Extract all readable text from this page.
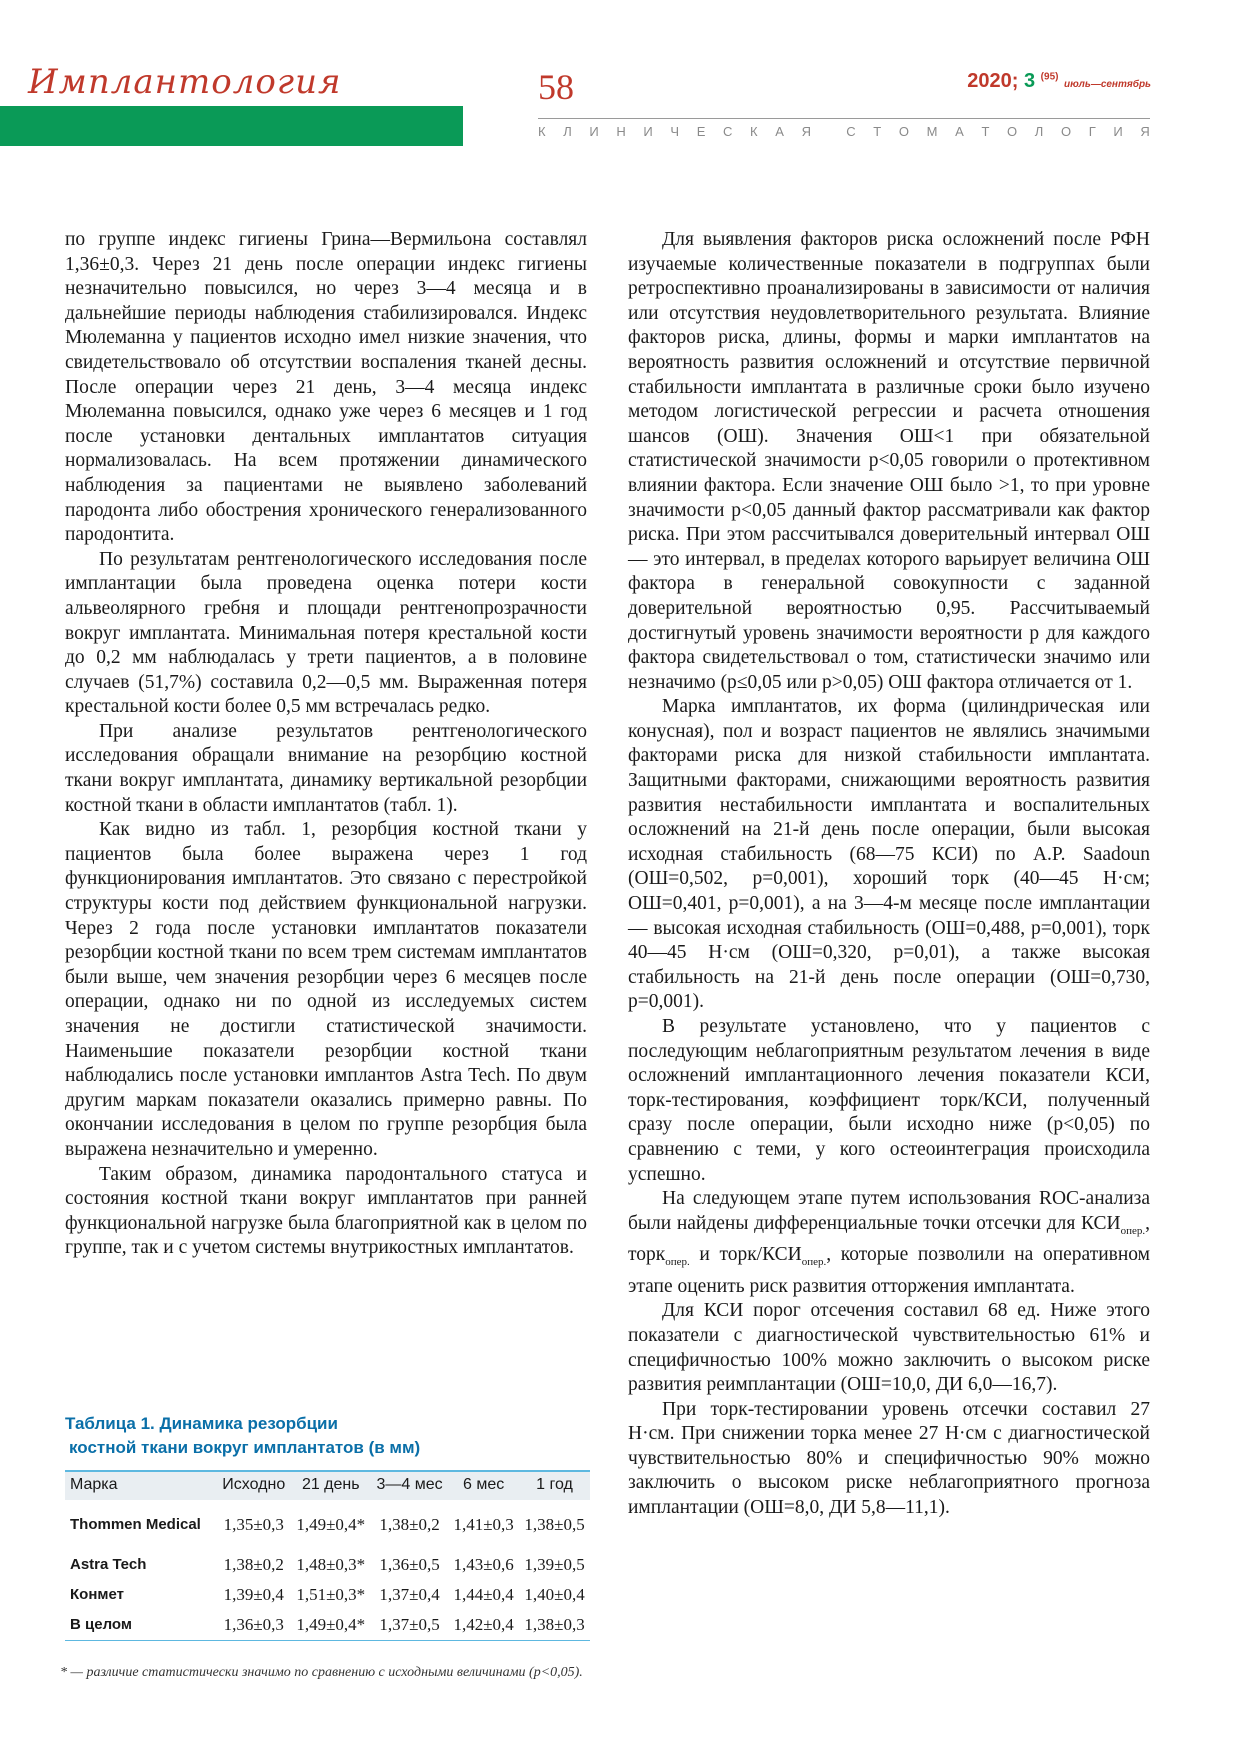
Имплантология	58	2020; 3 $^{(95)}$ июль—сентябрь
К Л И Н И Ч Е С К А Я	С Т О М А Т О Л О Г И Я

по группе индекс гигиены Грина—Вермильона составлял 1,36±0,3. Через 21 день после операции индекс гигиены незначительно повысился, но через 3—4 месяца и в дальнейшие периоды наблюдения стабилизировался. Индекс Мюлеманна у пациентов исходно имел низкие значения, что свидетельствовало об отсутствии воспаления тканей десны. После операции через 21 день, 3—4 месяца индекс Мюлеманна повысился, однако уже через 6 месяцев и 1 год после установки дентальных имплантатов ситуация нормализовалась. На всем протяжении динамического наблюдения за пациентами не выявлено заболеваний пародонта либо обострения хронического генерализованного пародонтита.

По результатам рентгенологического исследования после имплантации была проведена оценка потери кости альвеолярного гребня и площади рентгенопрозрачности вокруг имплантата. Минимальная потеря крестальной кости до 0,2 мм наблюдалась у трети пациентов, а в половине случаев (51,7%) составила 0,2—0,5 мм. Выраженная потеря крестальной кости более 0,5 мм встречалась редко.

При анализе результатов рентгенологического исследования обращали внимание на резорбцию костной ткани вокруг имплантата, динамику вертикальной резорбции костной ткани в области имплантатов (табл. 1).

Как видно из табл. 1, резорбция костной ткани у пациентов была более выражена через 1 год функционирования имплантатов. Это связано с перестройкой структуры кости под действием функциональной нагрузки. Через 2 года после установки имплантатов показатели резорбции костной ткани по всем трем системам имплантатов были выше, чем значения резорбции через 6 месяцев после операции, однако ни по одной из исследуемых систем значения не достигли статистической значимости. Наименьшие показатели резорбции костной ткани наблюдались после установки имплантов Astra Tech. По двум другим маркам показатели оказались примерно равны. По окончании исследования в целом по группе резорбция была выражена незначительно и умеренно.

Таким образом, динамика пародонтального статуса и состояния костной ткани вокруг имплантатов при ранней функциональной нагрузке была благоприятной как в целом по группе, так и с учетом системы внутрикостных имплантатов.

Для выявления факторов риска осложнений после РФН изучаемые количественные показатели в подгруппах были ретроспективно проанализированы в зависимости от наличия или отсутствия неудовлетворительного результата. Влияние факторов риска, длины, формы и марки имплантатов на вероятность развития осложнений и отсутствие первичной стабильности имплантата в различные сроки было изучено методом логистической регрессии и расчета отношения шансов (ОШ). Значения ОШ<1 при обязательной статистической значимости p<0,05 говорили о протективном влиянии фактора. Если значение ОШ было >1, то при уровне значимости p<0,05 данный фактор рассматривали как фактор риска. При этом рассчитывался доверительный интервал ОШ — это интервал, в пределах которого варьирует величина ОШ фактора в генеральной совокупности с заданной доверительной вероятностью 0,95. Рассчитываемый достигнутый уровень значимости вероятности p для каждого фактора свидетельствовал о том, статистически значимо или незначимо (p≤0,05 или p>0,05) ОШ фактора отличается от 1.

Марка имплантатов, их форма (цилиндрическая или конусная), пол и возраст пациентов не являлись значимыми факторами риска для низкой стабильности имплантата. Защитными факторами, снижающими вероятность развития развития нестабильности имплантата и воспалительных осложнений на 21-й день после операции, были высокая исходная стабильность (68—75 КСИ) по A.P. Saadoun (ОШ=0,502, p=0,001), хороший торк (40—45 Н·см; ОШ=0,401, p=0,001), а на 3—4-м месяце после имплантации — высокая исходная стабильность (ОШ=0,488, p=0,001), торк 40—45 Н·см (ОШ=0,320, p=0,01), а также высокая стабильность на 21-й день после операции (ОШ=0,730, p=0,001).

В результате установлено, что у пациентов с последующим неблагоприятным результатом лечения в виде осложнений имплантационного лечения показатели КСИ, торк-тестирования, коэффициент торк/КСИ, полученный сразу после операции, были исходно ниже (p<0,05) по сравнению с теми, у кого остеоинтеграция происходила успешно.

На следующем этапе путем использования ROC-анализа были найдены дифференциальные точки отсечки для $КСИ_{опер.}$, торк$_{опер.}$ и торк/$КСИ_{опер.}$, которые позволили на оперативном этапе оценить риск развития отторжения имплантата.

Для КСИ порог отсечения составил 68 ед. Ниже этого показатели с диагностической чувствительностью 61% и специфичностью 100% можно заключить о высоком риске развития реимплантации (ОШ=10,0, ДИ 6,0—16,7).

При торк-тестировании уровень отсечки составил 27 Н·см. При снижении торка менее 27 Н·см с диагностической чувствительностью 80% и специфичностью 90% можно заключить о высоком риске неблагоприятного прогноза имплантации (ОШ=8,0, ДИ 5,8—11,1).

Таблица 1. Динамика резорбции
костной ткани вокруг имплантатов (в мм)
Марка	Исходно	21 день	3—4 мес	6 мес	1 год
Thommen Medical	1,35±0,3	1,49±0,4*	1,38±0,2	1,41±0,3	1,38±0,5
Astra Tech	1,38±0,2	1,48±0,3*	1,36±0,5	1,43±0,6	1,39±0,5
Конмет	1,39±0,4	1,51±0,3*	1,37±0,4	1,44±0,4	1,40±0,4
В целом	1,36±0,3	1,49±0,4*	1,37±0,5	1,42±0,4	1,38±0,3
* — различие статистически значимо по сравнению с исходными величинами (p<0,05).
